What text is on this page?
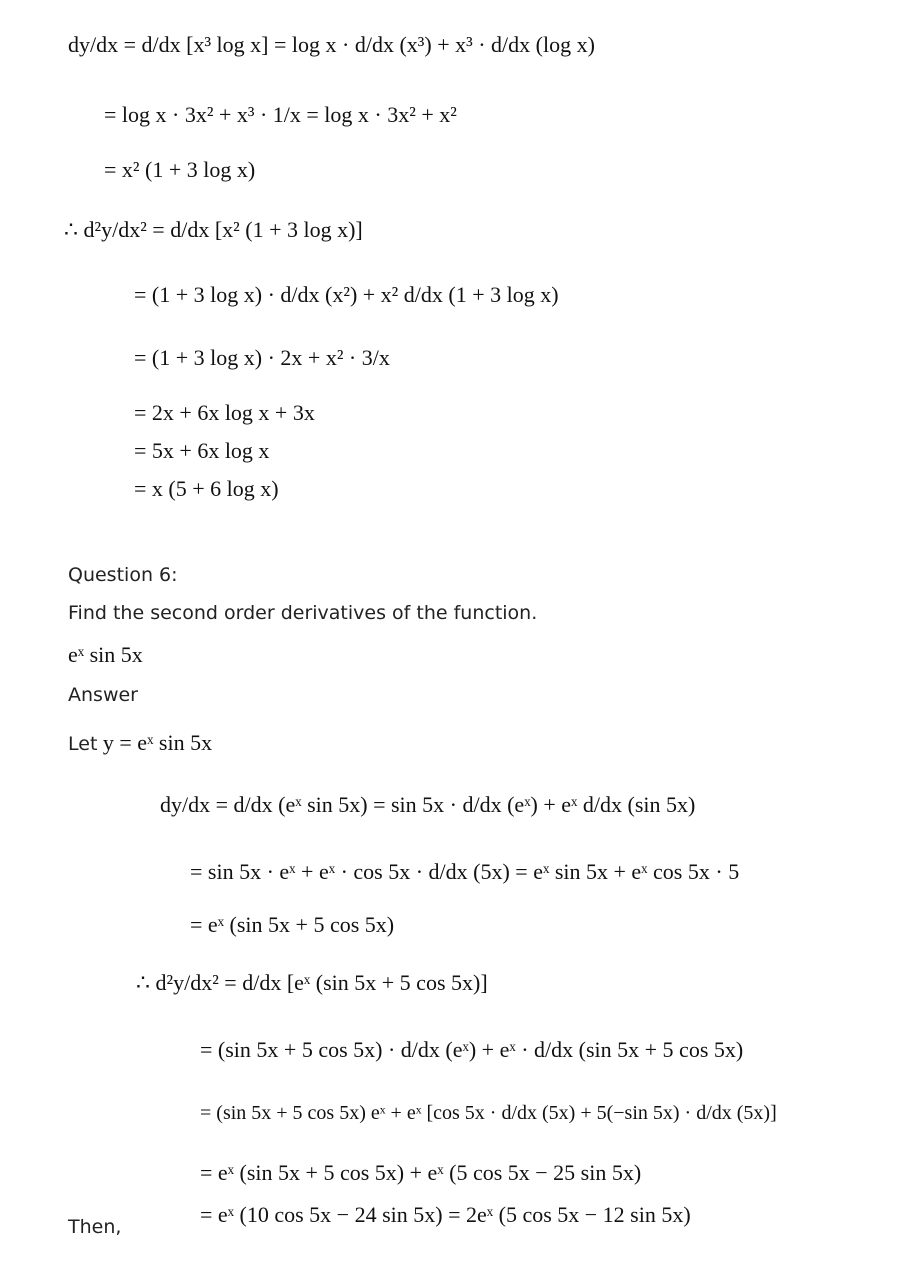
dy/dx = d/dx [x³ log x] = log x · d/dx (x³) + x³ · d/dx (log x)
= log x · 3x² + x³ · 1/x = log x · 3x² + x²
= x² (1 + 3 log x)
∴ d²y/dx² = d/dx [x² (1 + 3 log x)]
= (1 + 3 log x) · d/dx (x²) + x² d/dx (1 + 3 log x)
= (1 + 3 log x) · 2x + x² · 3/x
= 2x + 6x log x + 3x
= 5x + 6x log x
= x (5 + 6 log x)
Question 6:
Find the second order derivatives of the function.
eˣ sin 5x
Answer
Let y = eˣ sin 5x
dy/dx = d/dx (eˣ sin 5x) = sin 5x · d/dx (eˣ) + eˣ d/dx (sin 5x)
= sin 5x · eˣ + eˣ · cos 5x · d/dx (5x) = eˣ sin 5x + eˣ cos 5x · 5
= eˣ (sin 5x + 5 cos 5x)
∴ d²y/dx² = d/dx [eˣ (sin 5x + 5 cos 5x)]
= (sin 5x + 5 cos 5x) · d/dx (eˣ) + eˣ · d/dx (sin 5x + 5 cos 5x)
= (sin 5x + 5 cos 5x) eˣ + eˣ [cos 5x · d/dx (5x) + 5(−sin 5x) · d/dx (5x)]
= eˣ (sin 5x + 5 cos 5x) + eˣ (5 cos 5x − 25 sin 5x)
= eˣ (10 cos 5x − 24 sin 5x) = 2eˣ (5 cos 5x − 12 sin 5x)
Then,
